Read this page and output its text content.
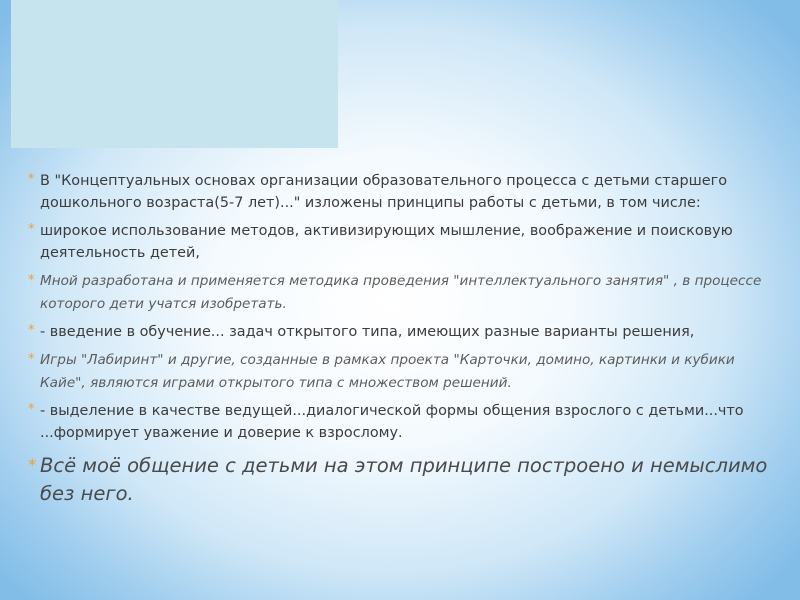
* В "Концептуальных основах организации образовательного процесса с детьми старшего дошкольного возраста(5-7 лет)..." изложены принципы работы с детьми, в том числе:

* широкое использование методов, активизирующих мышление, воображение и поисковую деятельность детей,

* Мной разработана и применяется методика проведения "интеллектуального занятия" , в процессе которого дети учатся изобретать.

* - введение в обучение... задач открытого типа, имеющих разные варианты решения,

* Игры "Лабиринт" и другие, созданные в рамках проекта "Карточки, домино, картинки и кубики Кайе", являются играми открытого типа с множеством решений.

* - выделение в качестве ведущей...диалогической формы общения взрослого с детьми...что ...формирует уважение и доверие к взрослому.

* Всё моё общение с детьми на этом принципе построено и немыслимо без него.
